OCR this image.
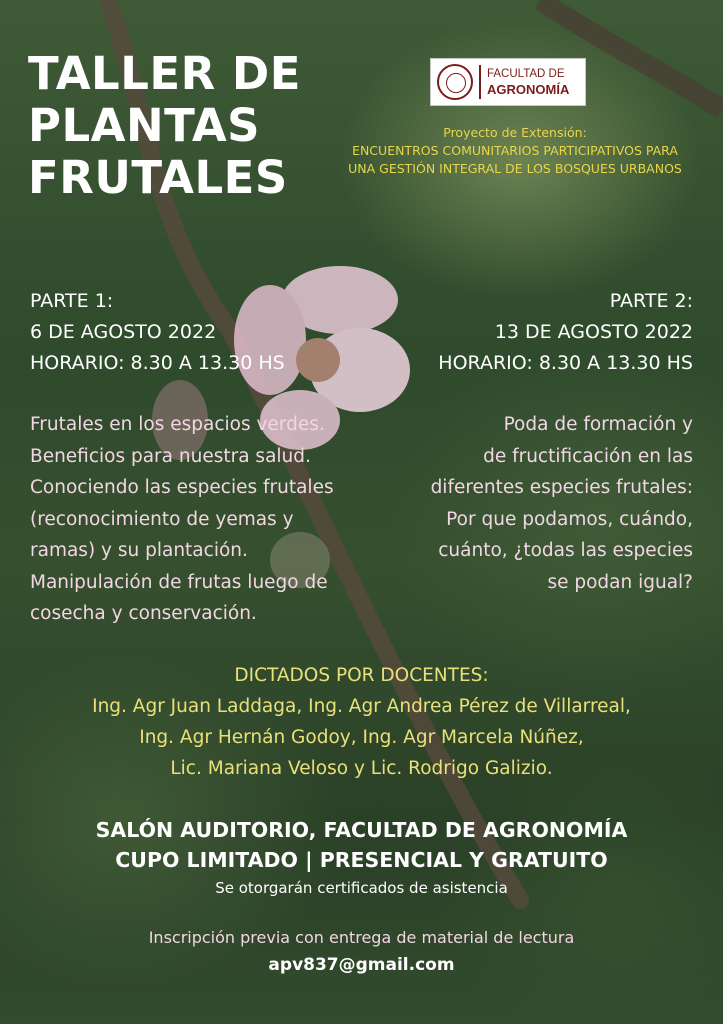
TALLER DE
PLANTAS
FRUTALES
FACULTAD DE
AGRONOMÍA
Proyecto de Extensión:
ENCUENTROS COMUNITARIOS PARTICIPATIVOS PARA
UNA GESTIÓN INTEGRAL DE LOS BOSQUES URBANOS
PARTE 1:
6 DE AGOSTO 2022
HORARIO: 8.30 A 13.30 HS
PARTE 2:
13 DE AGOSTO 2022
HORARIO: 8.30 A 13.30 HS
Frutales en los espacios verdes.
Beneficios para nuestra salud.
Conociendo las especies frutales
(reconocimiento de yemas y
ramas) y su plantación.
Manipulación de frutas luego de
cosecha y conservación.
Poda de formación y
de fructificación en las
diferentes especies frutales:
Por que podamos, cuándo,
cuánto, ¿todas las especies
se podan igual?
DICTADOS POR DOCENTES:
Ing. Agr Juan Laddaga, Ing. Agr Andrea Pérez de Villarreal,
Ing. Agr Hernán Godoy, Ing. Agr Marcela Núñez,
Lic. Mariana Veloso y Lic. Rodrigo Galizio.
SALÓN AUDITORIO, FACULTAD DE AGRONOMÍA
CUPO LIMITADO | PRESENCIAL Y GRATUITO
Se otorgarán certificados de asistencia
Inscripción previa con entrega de material de lectura
apv837@gmail.com
